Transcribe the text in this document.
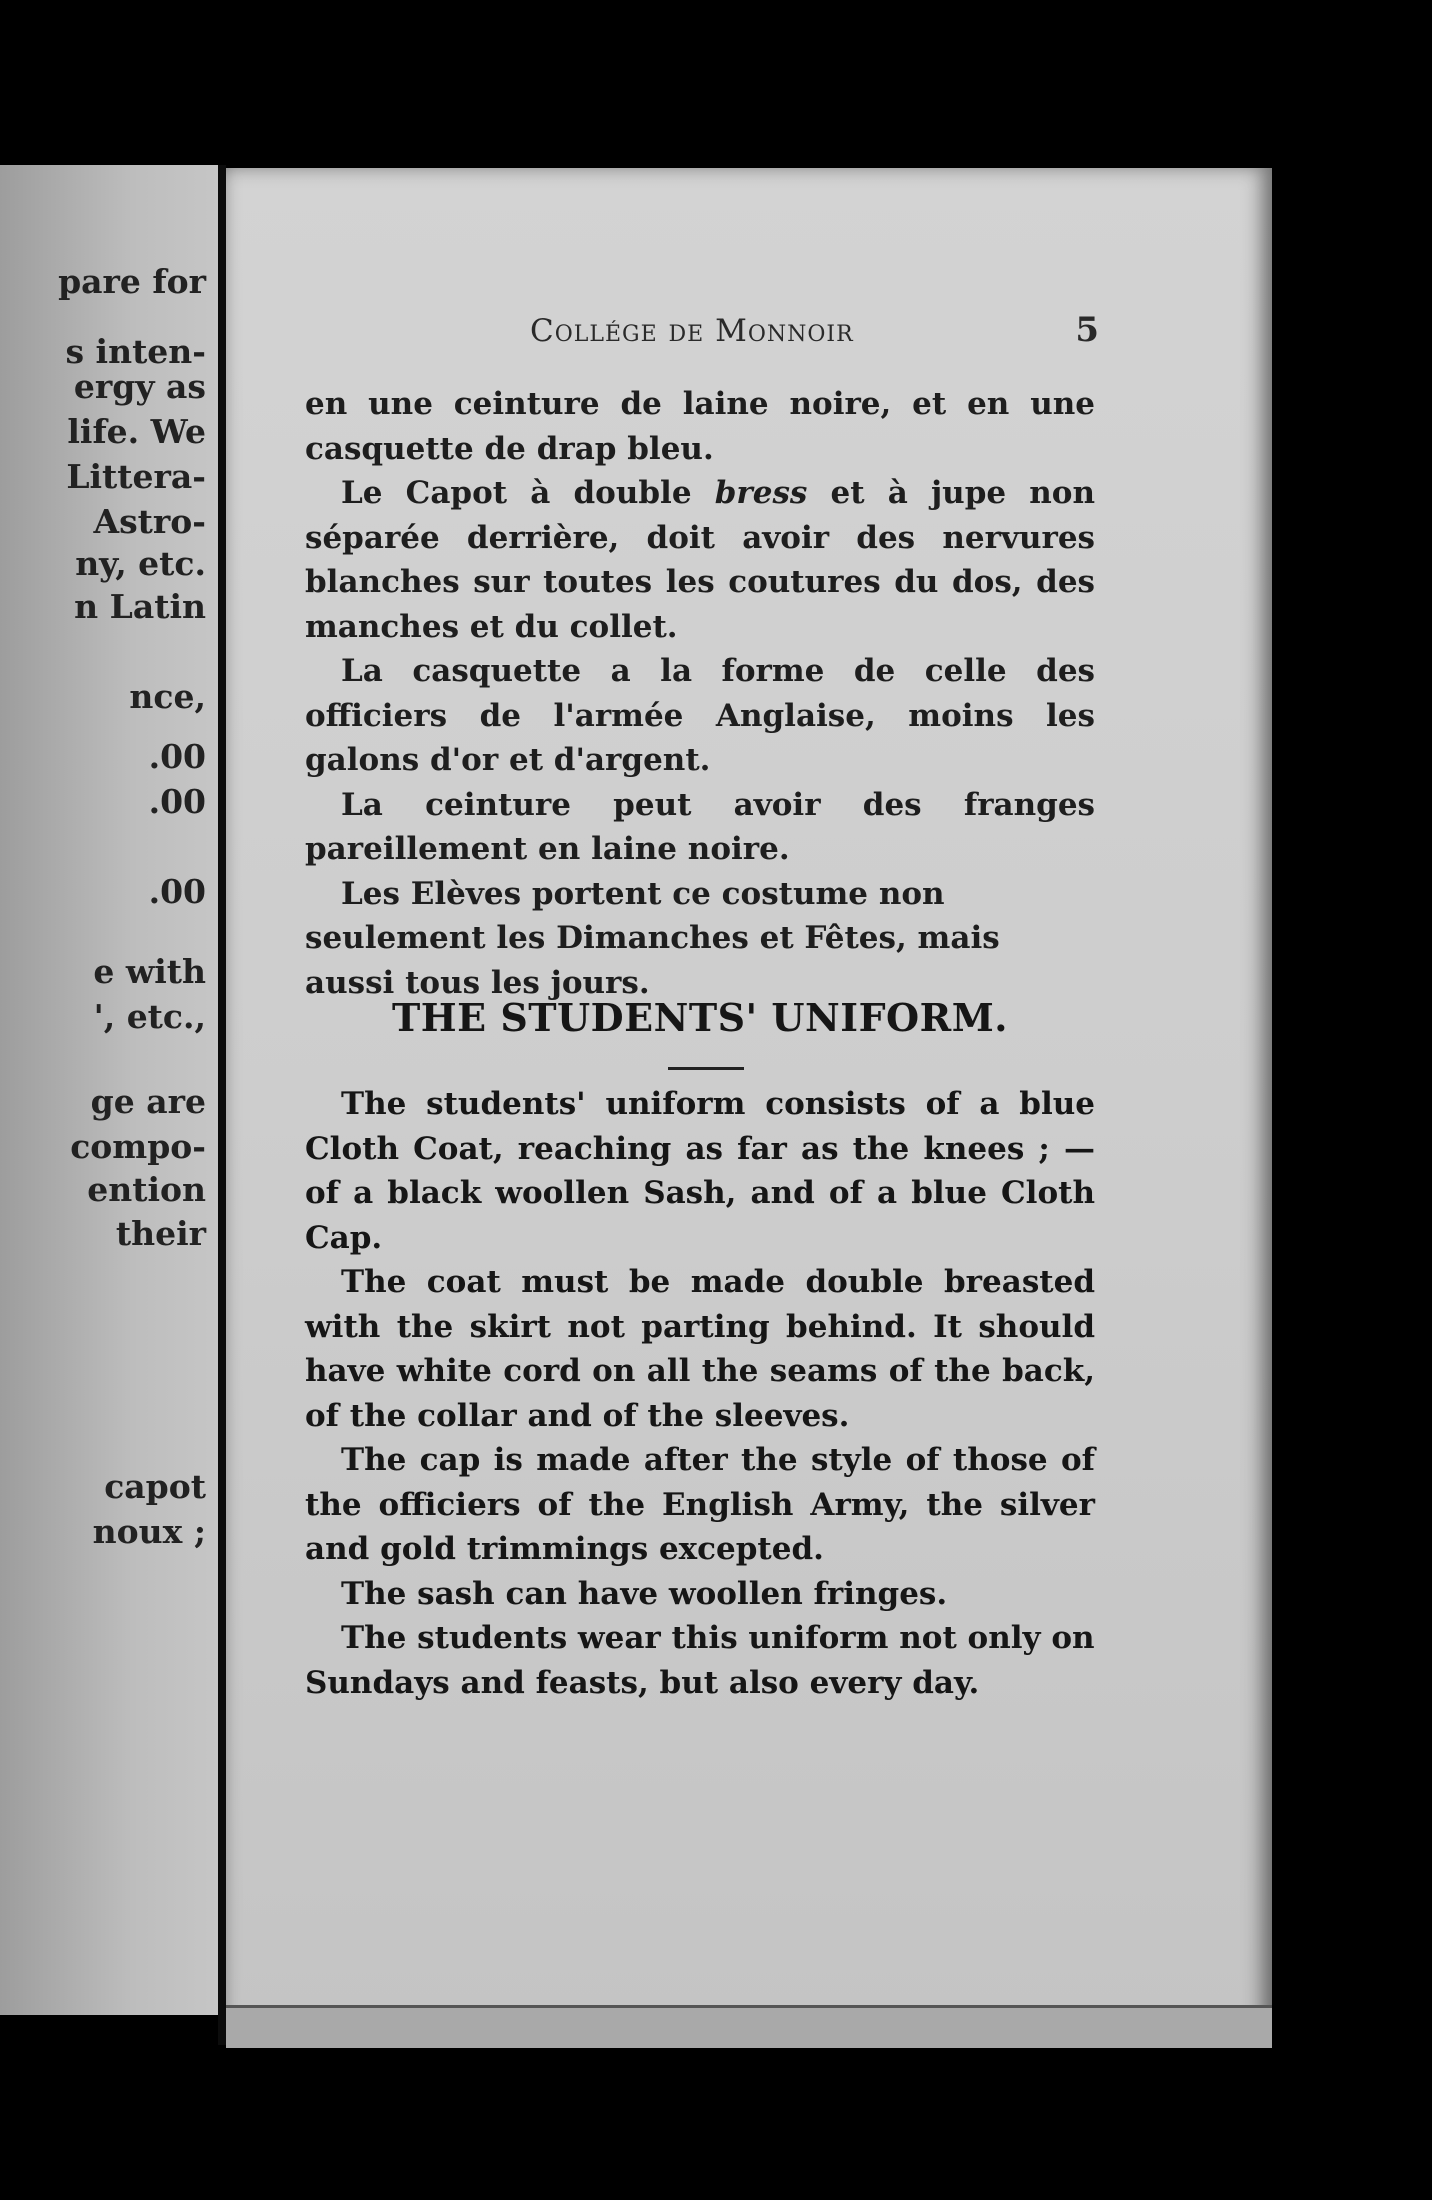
pare for
s inten-
ergy as
life. We
Littera-
Astro-
ny, etc.
n Latin
nce,
.00
.00
.00
e with
', etc.,
ge are
compo-
ention
their
capot
noux ;
Collége de Monnoir	5

en une ceinture de laine noire, et en une casquette de drap bleu.

Le Capot à double bress et à jupe non séparée derrière, doit avoir des nervures blanches sur toutes les coutures du dos, des manches et du collet.

La casquette a la forme de celle des officiers de l'armée Anglaise, moins les galons d'or et d'argent.

La ceinture peut avoir des franges pareillement en laine noire.

Les Elèves portent ce costume non seulement les Dimanches et Fêtes, mais aussi tous les jours.

THE STUDENTS' UNIFORM.

The students' uniform consists of a blue Cloth Coat, reaching as far as the knees ; — of a black woollen Sash, and of a blue Cloth Cap.

The coat must be made double breasted with the skirt not parting behind. It should have white cord on all the seams of the back, of the collar and of the sleeves.

The cap is made after the style of those of the officiers of the English Army, the silver and gold trimmings excepted.

The sash can have woollen fringes.

The students wear this uniform not only on Sundays and feasts, but also every day.
